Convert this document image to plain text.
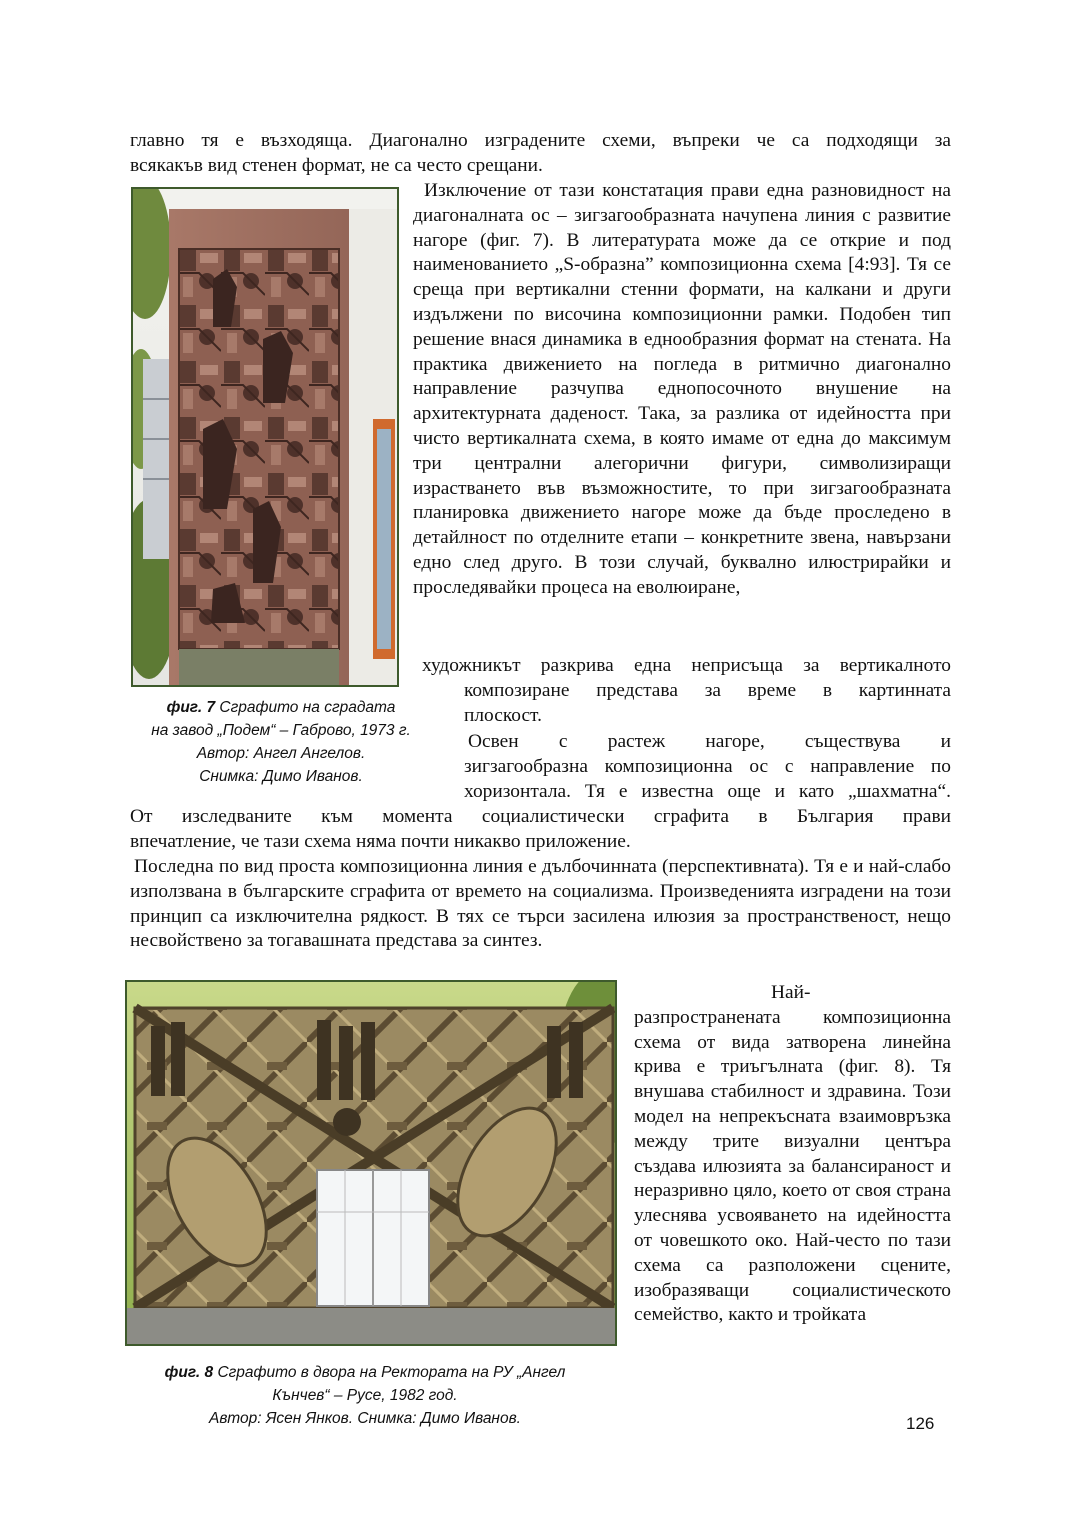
главно тя е възходяща. Диагонално изградените схеми, въпреки че са подходящи за

всякакъв вид стенен формат, не са често срещани.

Изключение от тази констатация прави една разновидност на диагоналната ос – зигзагообразната начупена линия с развитие нагоре (фиг. 7). В литературата може да се открие и под наименованието „S-образна” композиционна схема [4:93]. Тя се среща при вертикални стенни формати, на калкани и други издължени по височина композиционни рамки. Подобен тип решение внася динамика в еднообразния формат на стената. На практика движението на погледа в ритмично диагонално направление разчупва еднопосочното внушение на архитектурната даденост. Така, за разлика от идейността при чисто вертикалната схема, в която имаме от една до максимум три централни алегорични фигури, символизиращи израстването във възможностите, то при зигзагообразната планировка движението нагоре може да бъде проследено в детайлност по отделните етапи – конкретните звена, навързани едно след друго. В този случай, буквално илюстрирайки и проследявайки процеса на еволюиране,

художникът разкрива една неприсъща за вертикалното

композиране представа за време в картинната

плоскост.

фиг. 7 Сграфито на сградата
на завод „Подем“ – Габрово, 1973 г.
Автор: Ангел Ангелов.
Снимка: Димо Иванов.

Освен с растеж нагоре, съществува и

зигзагообразна композиционна ос с направление по

хоризонтала. Тя е известна още и като „шахматна“.

От изследваните към момента социалистически сграфита в България прави

впечатление, че тази схема няма почти никакво приложение.

Последна по вид проста композиционна линия е дълбочинната (перспективната). Тя е и най-слабо използвана в българските сграфита от времето на социализма. Произведенията изградени на този принцип са изключителна рядкост. В тях се търси засилена илюзия за пространственост, нещо несвойствено за тогавашната представа за синтез.

Най-разпространената композиционна схема от вида затворена линейна крива е триъгълната (фиг. 8). Тя внушава стабилност и здравина. Този модел на непрекъсната взаимовръзка между трите визуални центъра създава илюзията за балансираност и неразривно цяло, което от своя страна улеснява усвояването на идейността от човешкото око. Най-често по тази схема са разположени сцените, изобразяващи социалистическото семейство, както и тройката

фиг. 8 Сграфито в двора на Ректората на РУ „Ангел
Кънчев“ – Русе, 1982 год.
Автор: Ясен Янков. Снимка: Димо Иванов.	126
